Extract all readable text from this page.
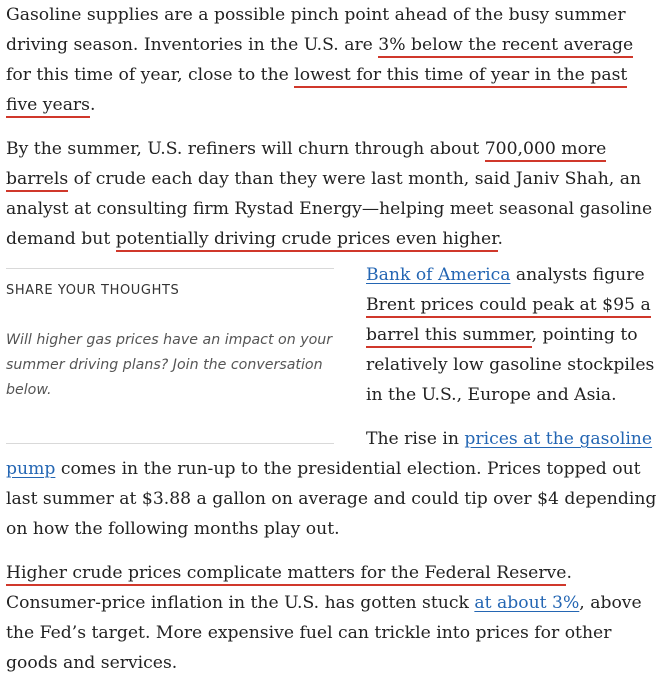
Gasoline supplies are a possible pinch point ahead of the busy summer driving season. Inventories in the U.S. are 3% below the recent average for this time of year, close to the lowest for this time of year in the past five years.

By the summer, U.S. refiners will churn through about 700,000 more barrels of crude each day than they were last month, said Janiv Shah, an analyst at consulting firm Rystad Energy—helping meet seasonal gasoline demand but potentially driving crude prices even higher.

SHARE YOUR THOUGHTS
Will higher gas prices have an impact on your summer driving plans? Join the conversation below.

Bank of America analysts figure Brent prices could peak at $95 a barrel this summer, pointing to relatively low gasoline stockpiles in the U.S., Europe and Asia.

The rise in prices at the gasoline pump comes in the run-up to the presidential election. Prices topped out last summer at $3.88 a gallon on average and could tip over $4 depending on how the following months play out.

Higher crude prices complicate matters for the Federal Reserve. Consumer-price inflation in the U.S. has gotten stuck at about 3%, above the Fed’s target. More expensive fuel can trickle into prices for other goods and services.
